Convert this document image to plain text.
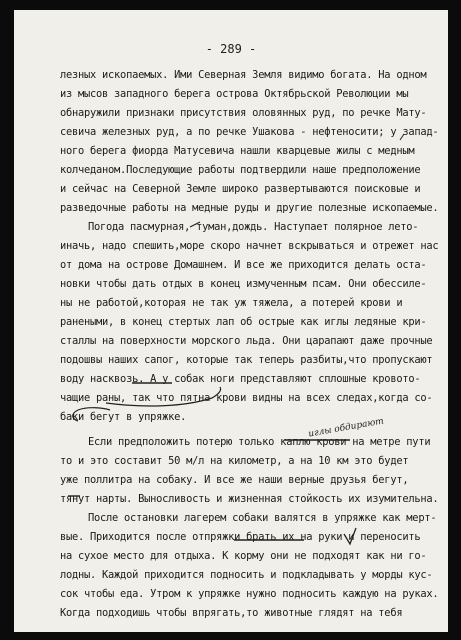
- 289 -
лезных ископаемых. Ими Северная Земля видимо богата. На одном
из мысов западного берега острова Октябрьской Революции мы
обнаружили признаки присутствия оловянных руд, по речке Мату-
севича железных руд, а по речке Ушакова - нефтеносити; у запад-
ного берега фиорда Матусевича нашли кварцевые жилы с медным
колчеданом.Последующие работы подтвердили наше предположение
и сейчас на Северной Земле широко развертываются поисковые и
разведочные работы на медные руды и другие полезные ископаемые.
Погода пасмурная, туман,дождь. Наступает полярное лето-
иначь, надо спешить,море скоро начнет вскрываться и отрежет нас
от дома на острове Домашнем. И все же приходится делать оста-
новки чтобы дать отдых в конец измученным псам. Они обессиле-
ны не работой,которая не так уж тяжела, а потерей крови и
ранеными, в конец стертых лап об острые как иглы ледяные кри-
сталлы на поверхности морского льда. Они царапают даже прочные
подошвы наших сапог, которые так теперь разбиты,что пропускают
воду насквозь. А у собак ноги представляют сплошные кровото-
чащие раны, так что пятна крови видны на всех следах,когда со-
баки бегут в упряжке.
Если предположить потерю только каплю крови на метре пути
то и это составит 50 м/л на километр, а на 10 км это будет
уже поллитра на собаку. И все же наши верные друзья бегут,
тянут нарты. Выносливость и жизненная стойкость их изумительна.
После остановки лагерем собаки валятся в упряжке как мерт-
вые. Приходится после отпряжки брать их на руки и переносить
на сухое место для отдыха. К корму они не подходят как ни го-
лодны. Каждой приходится подносить и подкладывать у морды кус-
сок чтобы еда. Утром к упряжке нужно подносить каждую на руках.
Когда подходишь чтобы впрягать,то животные глядят на тебя
иглы обдирают
